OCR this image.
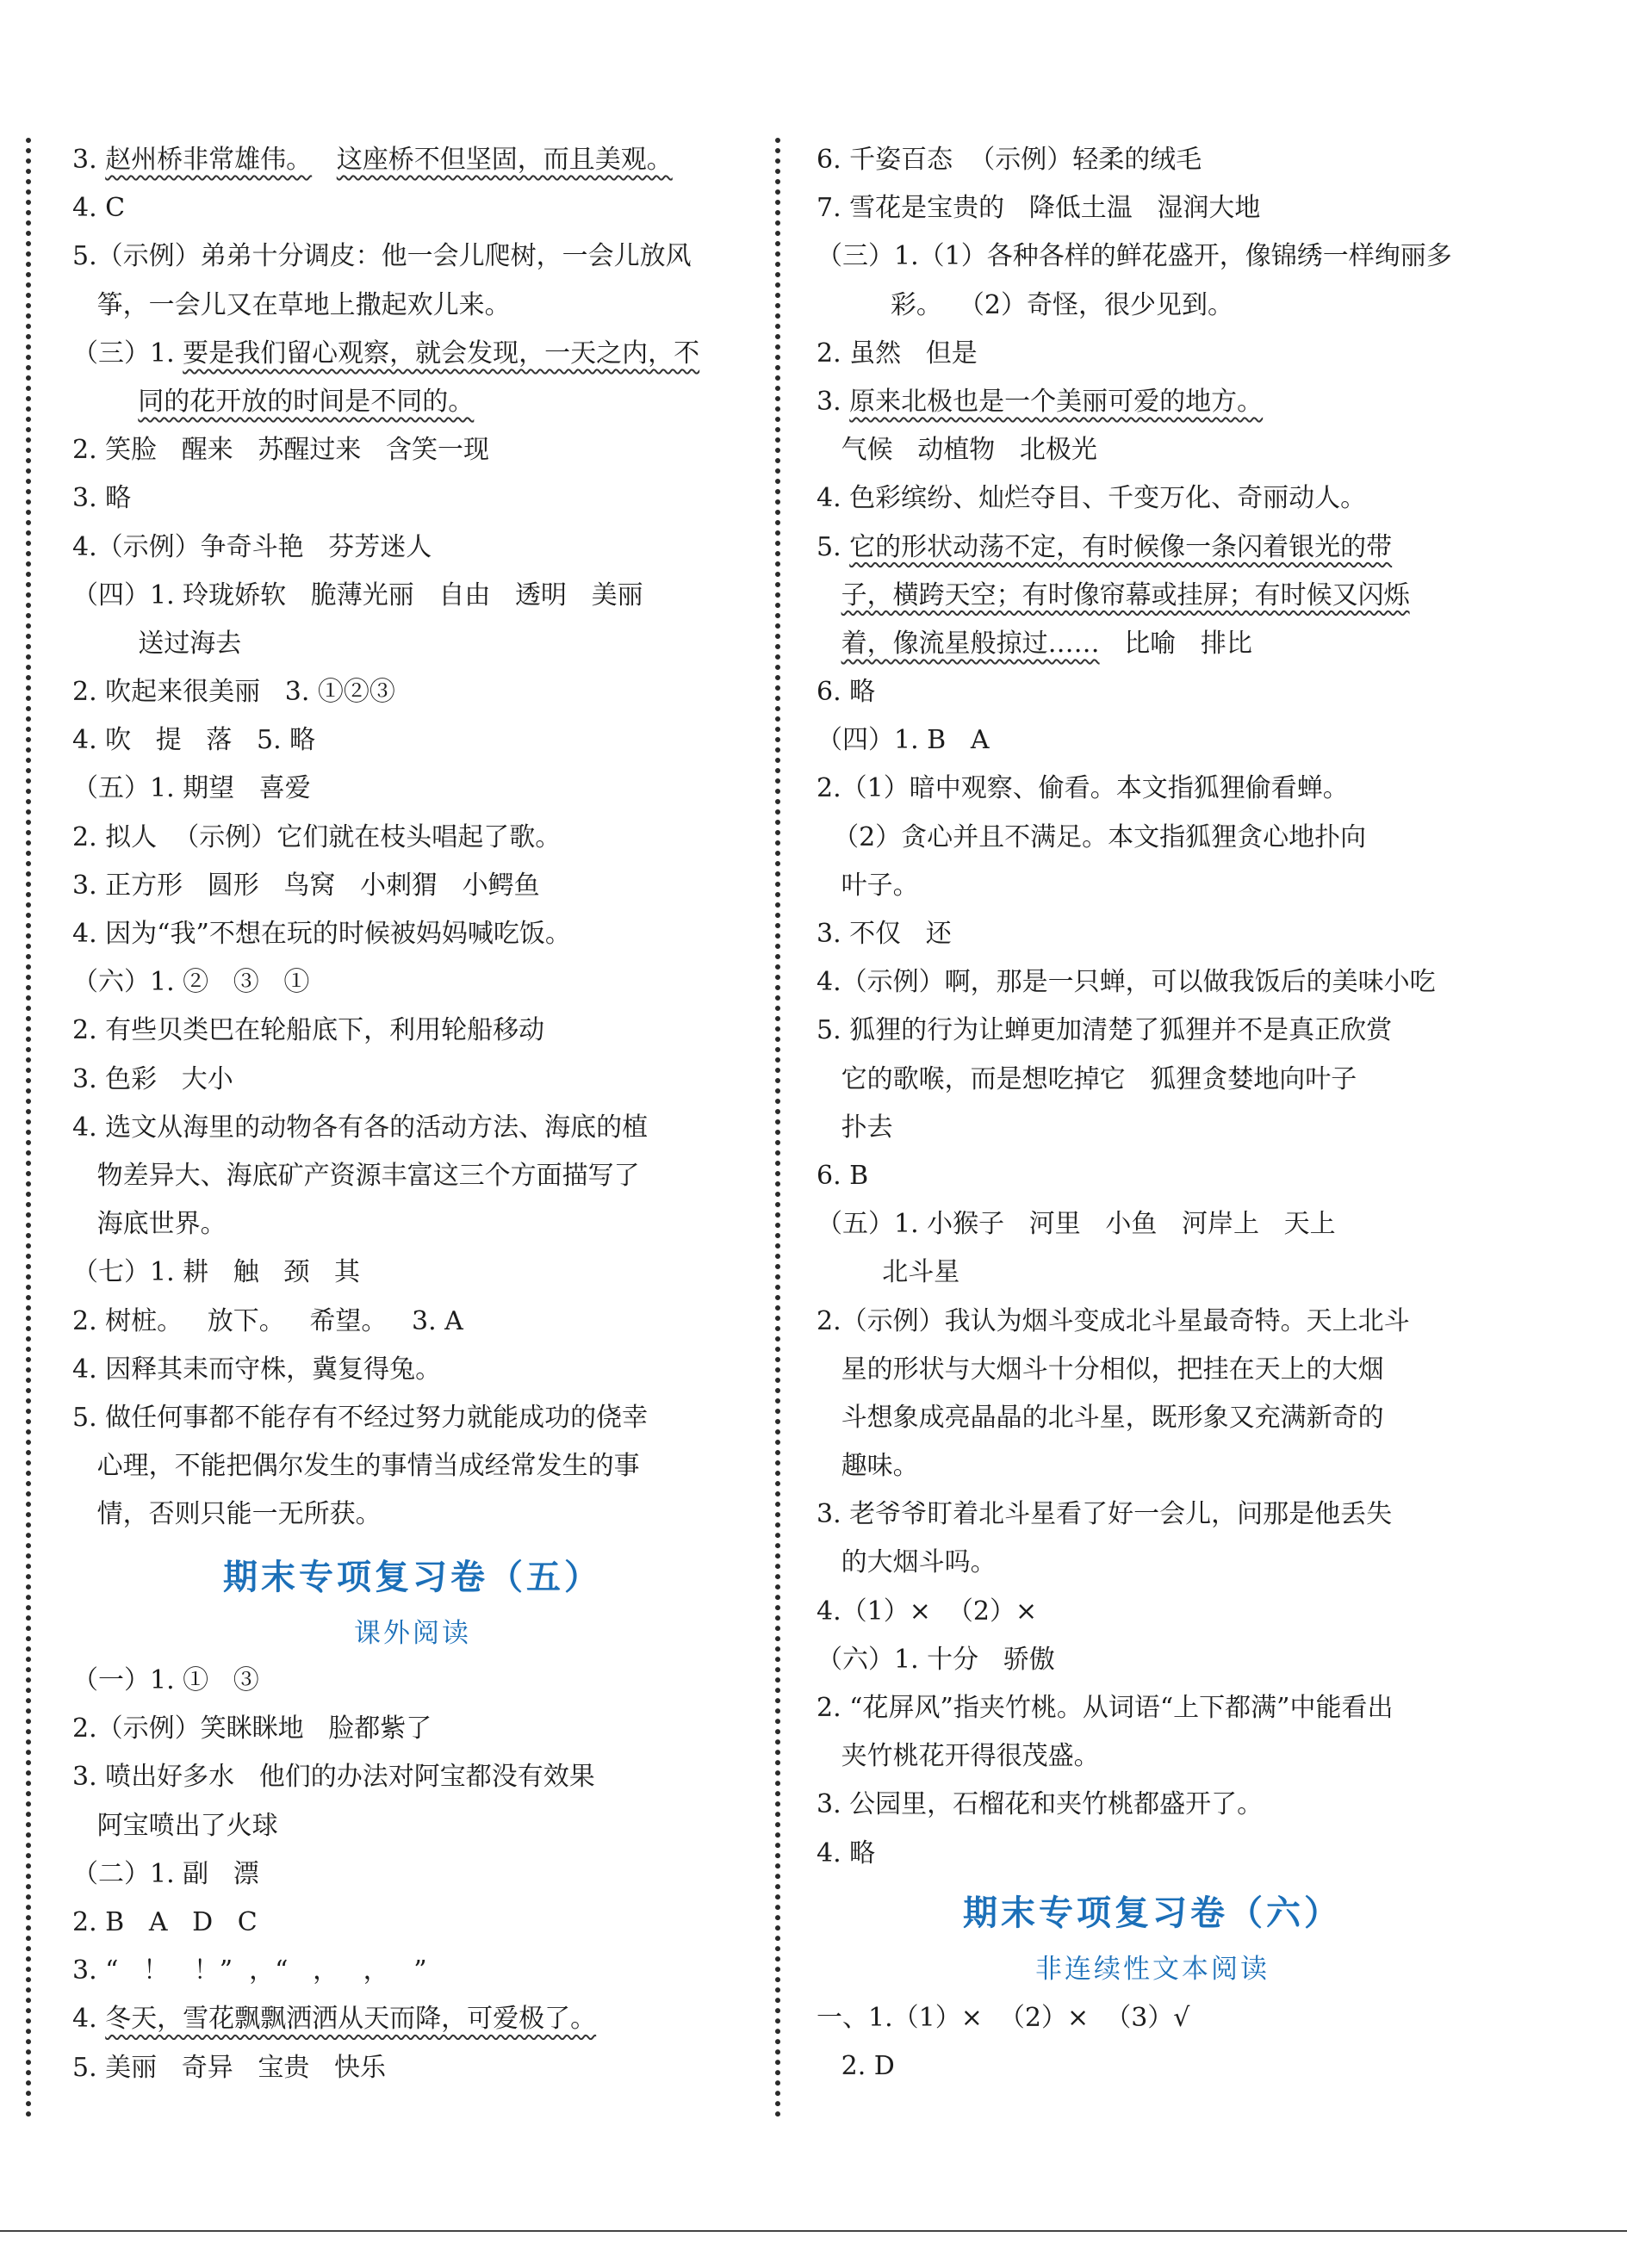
3. 赵州桥非常雄伟。 这座桥不但坚固，而且美观。
4. C
5.（示例）弟弟十分调皮：他一会儿爬树，一会儿放风
筝，一会儿又在草地上撒起欢儿来。
（三）1. 要是我们留心观察，就会发现，一天之内，不
同的花开放的时间是不同的。
2. 笑脸   醒来   苏醒过来   含笑一现
3. 略
4.（示例）争奇斗艳   芬芳迷人
（四）1. 玲珑娇软   脆薄光丽   自由   透明   美丽
送过海去
2. 吹起来很美丽   3. ①②③
4. 吹   提   落   5. 略
（五）1. 期望   喜爱
2. 拟人  （示例）它们就在枝头唱起了歌。
3. 正方形   圆形   鸟窝   小刺猬   小鳄鱼
4. 因为“我”不想在玩的时候被妈妈喊吃饭。
（六）1. ②   ③   ①
2. 有些贝类巴在轮船底下，利用轮船移动
3. 色彩   大小
4. 选文从海里的动物各有各的活动方法、海底的植
物差异大、海底矿产资源丰富这三个方面描写了
海底世界。
（七）1. 耕   触   颈   其
2. 树桩。   放下。   希望。   3. A
4. 因释其耒而守株，冀复得兔。
5. 做任何事都不能存有不经过努力就能成功的侥幸
心理，不能把偶尔发生的事情当成经常发生的事
情，否则只能一无所获。
（一）1. ①   ③
2.（示例）笑眯眯地   脸都紫了
3. 喷出好多水   他们的办法对阿宝都没有效果
阿宝喷出了火球
（二）1. 副   漂
2. B   A   D   C
3. “   ！   ！”  ，“   ，   ，   ”
4. 冬天，雪花飘飘洒洒从天而降，可爱极了。
5. 美丽   奇异   宝贵   快乐
期末专项复习卷（五）
课外阅读
6. 千姿百态  （示例）轻柔的绒毛
7. 雪花是宝贵的   降低土温   湿润大地
（三）1.（1）各种各样的鲜花盛开，像锦绣一样绚丽多
彩。  （2）奇怪，很少见到。
2. 虽然   但是
3. 原来北极也是一个美丽可爱的地方。
气候   动植物   北极光
4. 色彩缤纷、灿烂夺目、千变万化、奇丽动人。
5. 它的形状动荡不定，有时候像一条闪着银光的带
子，横跨天空；有时像帘幕或挂屏；有时候又闪烁
着，像流星般掠过……   比喻   排比
6. 略
（四）1. B   A
2.（1）暗中观察、偷看。本文指狐狸偷看蝉。
（2）贪心并且不满足。本文指狐狸贪心地扑向
叶子。
3. 不仅   还
4.（示例）啊，那是一只蝉，可以做我饭后的美味小吃
5. 狐狸的行为让蝉更加清楚了狐狸并不是真正欣赏
它的歌喉，而是想吃掉它   狐狸贪婪地向叶子
扑去
6. B
（五）1. 小猴子   河里   小鱼   河岸上   天上
北斗星
2.（示例）我认为烟斗变成北斗星最奇特。天上北斗
星的形状与大烟斗十分相似，把挂在天上的大烟
斗想象成亮晶晶的北斗星，既形象又充满新奇的
趣味。
3. 老爷爷盯着北斗星看了好一会儿，问那是他丢失
的大烟斗吗。
4.（1）×  （2）×
（六）1. 十分   骄傲
2. “花屏风”指夹竹桃。从词语“上下都满”中能看出
夹竹桃花开得很茂盛。
3. 公园里，石榴花和夹竹桃都盛开了。
4. 略
一、1.（1）×  （2）×  （3）√
2. D
期末专项复习卷（六）
非连续性文本阅读
